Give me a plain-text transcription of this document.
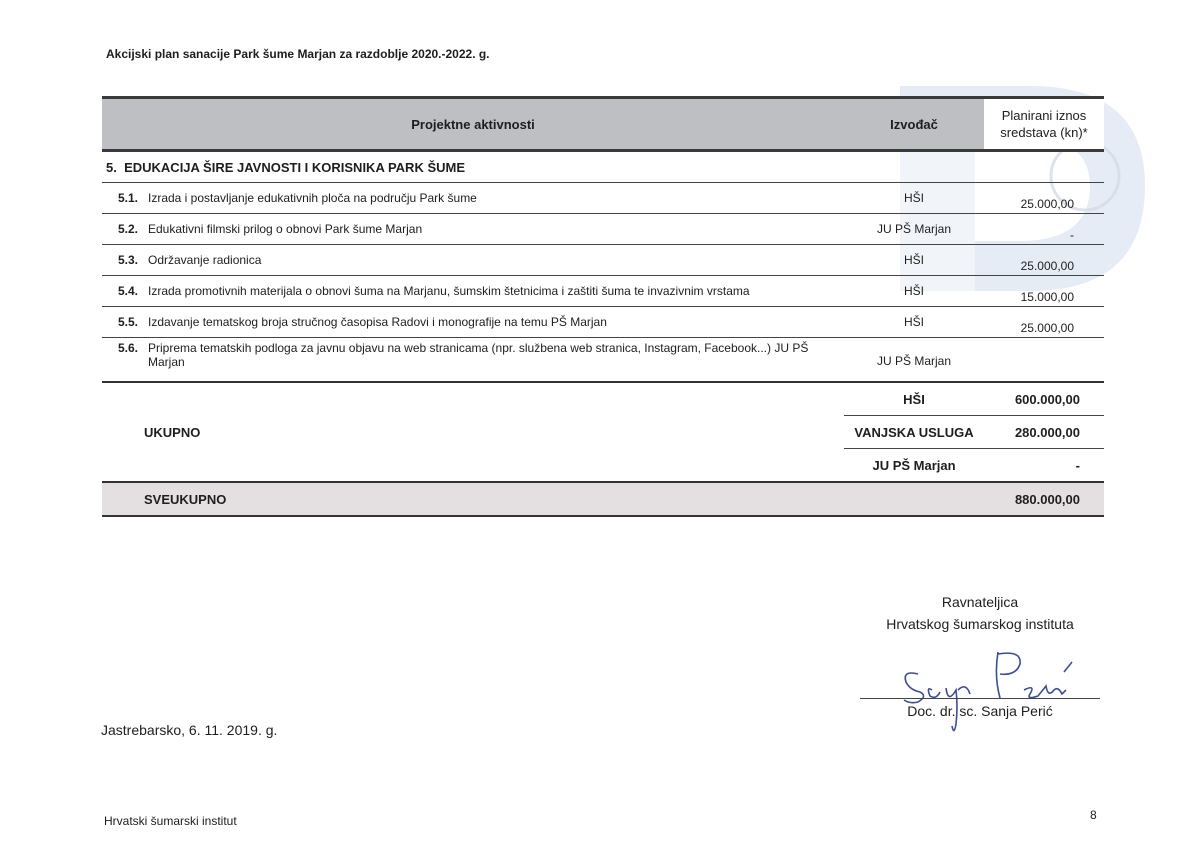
Akcijski plan sanacije Park šume Marjan za razdoblje 2020.-2022. g.
Projektne aktivnosti		Izvođač	Planirani iznos
sredstava (kn)*

5. EDUKACIJA ŠIRE JAVNOSTI I KORISNIKA PARK ŠUME			
5.1.	Izrada i postavljanje edukativnih ploča na području Park šume	HŠI	25.000,00
5.2.	Edukativni filmski prilog o obnovi Park šume Marjan	JU PŠ Marjan	-
5.3.	Održavanje radionica	HŠI	25.000,00
5.4.	Izrada promotivnih materijala o obnovi šuma na Marjanu, šumskim štetnicima i zaštiti šuma te invazivnim vrstama	HŠI	15.000,00
5.5.	Izdavanje tematskog broja stručnog časopisa Radovi i monografije na temu PŠ Marjan	HŠI	25.000,00
5.6.	Priprema tematskih podloga za javnu objavu na web stranicama (npr. službena web stranica, Instagram, Facebook...) JU PŠ Marjan	JU PŠ Marjan	
UKUPNO		HŠI	600.000,00
		VANJSKA USLUGA	280.000,00
		JU PŠ Marjan	-
SVEUKUPNO			880.000,00
Ravnateljica
Hrvatskog šumarskog instituta
Doc. dr. sc. Sanja Perić
Jastrebarsko, 6. 11. 2019. g.
Hrvatski šumarski institut	8
